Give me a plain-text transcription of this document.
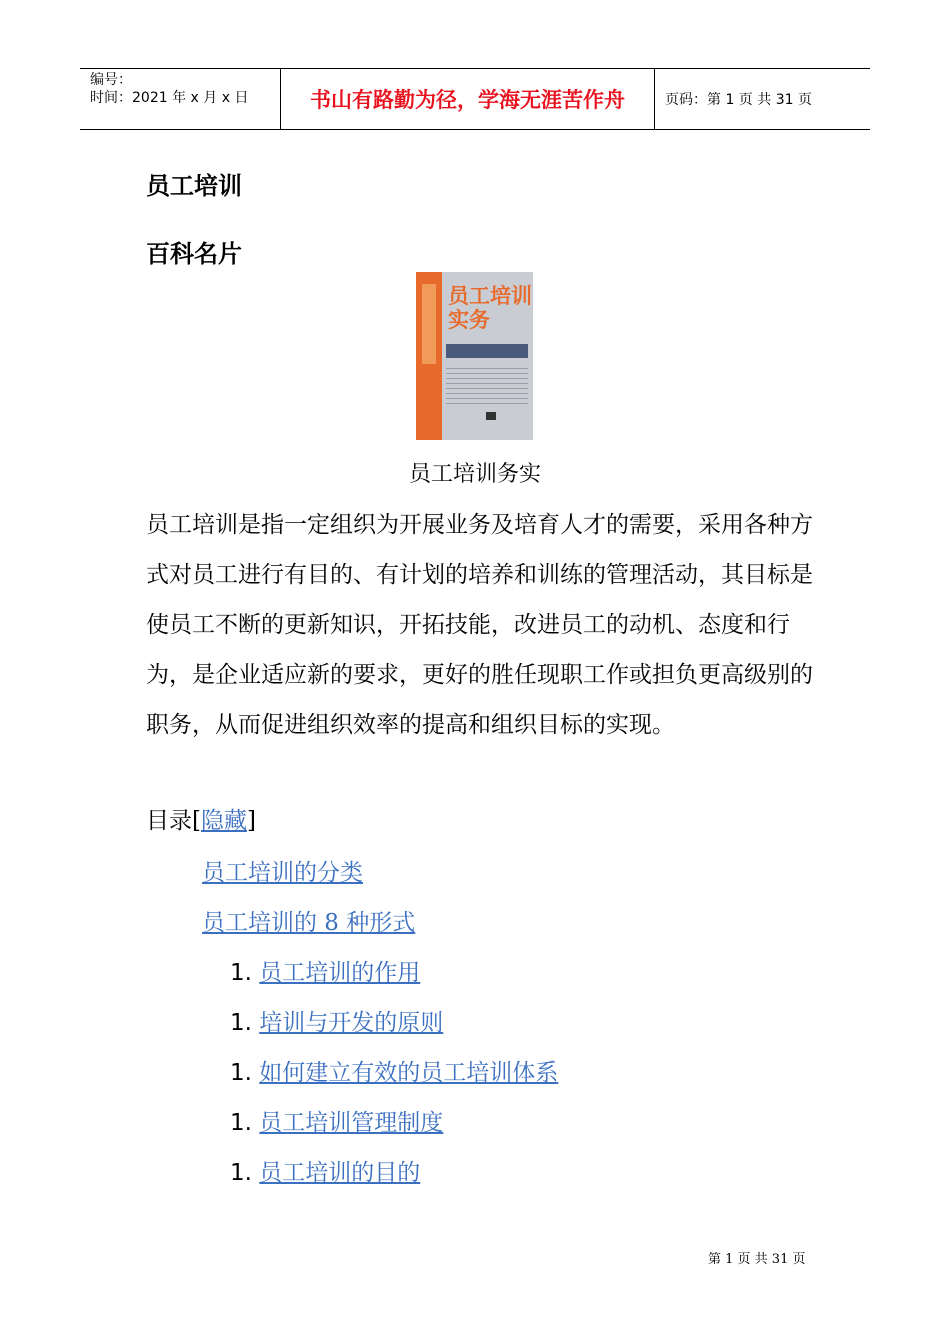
编号：
时间：2021 年 x 月 x 日	书山有路勤为径，学海无涯苦作舟	页码：第 1 页 共 31 页
员工培训
百科名片
员工培训
实务
员工培训务实

员工培训是指一定组织为开展业务及培育人才的需要，采用各种方式对员工进行有目的、有计划的培养和训练的管理活动，其目标是使员工不断的更新知识，开拓技能，改进员工的动机、态度和行为，是企业适应新的要求，更好的胜任现职工作或担负更高级别的职务，从而促进组织效率的提高和组织目标的实现。

目录[隐藏]
员工培训的分类
员工培训的 8 种形式
1. 员工培训的作用
1. 培训与开发的原则
1. 如何建立有效的员工培训体系
1. 员工培训管理制度
1. 员工培训的目的
第 1 页 共 31 页
